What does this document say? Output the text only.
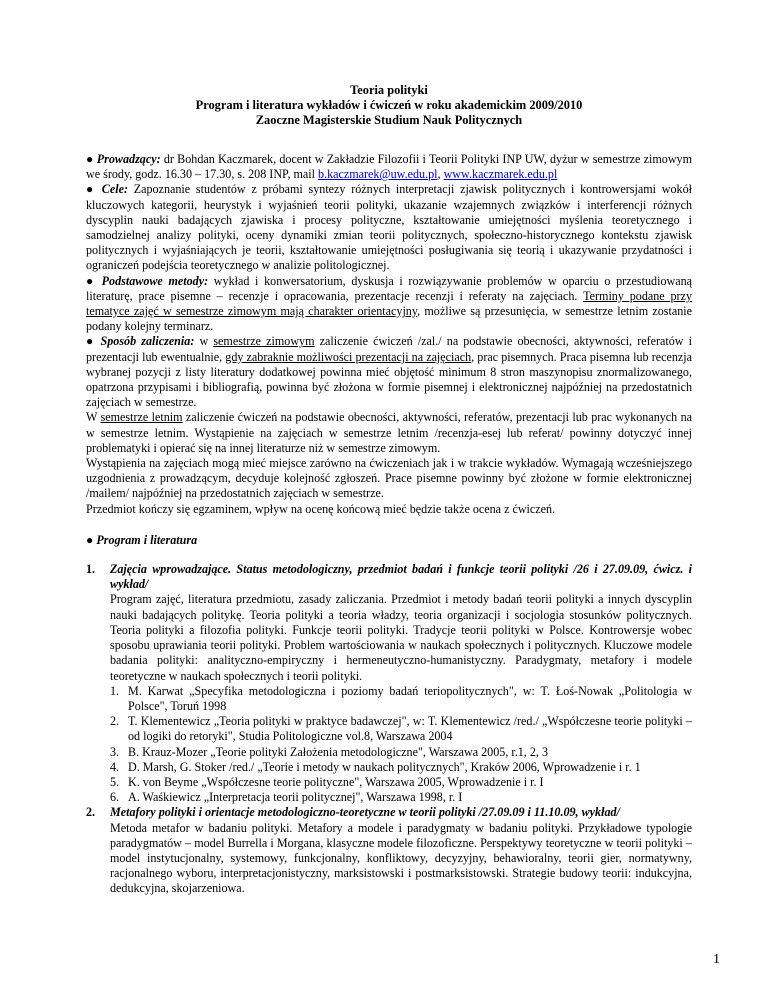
Teoria polityki
Program i literatura wykładów i ćwiczeń w roku akademickim 2009/2010
Zaoczne Magisterskie Studium Nauk Politycznych

● Prowadzący: dr Bohdan Kaczmarek, docent w Zakładzie Filozofii i Teorii Polityki INP UW, dyżur w semestrze zimowym we środy, godz. 16.30 – 17.30, s. 208 INP, mail b.kaczmarek@uw.edu.pl, www.kaczmarek.edu.pl

● Cele: Zapoznanie studentów z próbami syntezy różnych interpretacji zjawisk politycznych i kontrowersjami wokół kluczowych kategorii, heurystyk i wyjaśnień teorii polityki, ukazanie wzajemnych związków i interferencji różnych dyscyplin nauki badających zjawiska i procesy polityczne, kształtowanie umiejętności myślenia teoretycznego i samodzielnej analizy polityki, oceny dynamiki zmian teorii politycznych, społeczno-historycznego kontekstu zjawisk politycznych i wyjaśniających je teorii, kształtowanie umiejętności posługiwania się teorią i ukazywanie przydatności i ograniczeń podejścia teoretycznego w analizie politologicznej.

● Podstawowe metody: wykład i konwersatorium, dyskusja i rozwiązywanie problemów w oparciu o przestudiowaną literaturę, prace pisemne – recenzje i opracowania, prezentacje recenzji i referaty na zajęciach. Terminy podane przy tematyce zajęć w semestrze zimowym mają charakter orientacyjny, możliwe są przesunięcia, w semestrze letnim zostanie podany kolejny terminarz.

● Sposób zaliczenia: w semestrze zimowym zaliczenie ćwiczeń /zal./ na podstawie obecności, aktywności, referatów i prezentacji lub ewentualnie, gdy zabraknie możliwości prezentacji na zajęciach, prac pisemnych. Praca pisemna lub recenzja wybranej pozycji z listy literatury dodatkowej powinna mieć objętość minimum 8 stron maszynopisu znormalizowanego, opatrzona przypisami i bibliografią, powinna być złożona w formie pisemnej i elektronicznej najpóźniej na przedostatnich zajęciach w semestrze.

W semestrze letnim zaliczenie ćwiczeń na podstawie obecności, aktywności, referatów, prezentacji lub prac wykonanych na w semestrze letnim. Wystąpienie na zajęciach w semestrze letnim /recenzja-esej lub referat/ powinny dotyczyć innej problematyki i opierać się na innej literaturze niż w semestrze zimowym.

Wystąpienia na zajęciach mogą mieć miejsce zarówno na ćwiczeniach jak i w trakcie wykładów. Wymagają wcześniejszego uzgodnienia z prowadzącym, decyduje kolejność zgłoszeń. Prace pisemne powinny być złożone w formie elektronicznej /mailem/ najpóźniej na przedostatnich zajęciach w semestrze.

Przedmiot kończy się egzaminem, wpływ na ocenę końcową mieć będzie także ocena z ćwiczeń.

● Program i literatura
1. Zajęcia wprowadzające. Status metodologiczny, przedmiot badań i funkcje teorii polityki /26 i 27.09.09, ćwicz. i wykład/
Program zajęć, literatura przedmiotu, zasady zaliczania. Przedmiot i metody badań teorii polityki a innych dyscyplin nauki badających politykę. Teoria polityki a teoria władzy, teoria organizacji i socjologia stosunków politycznych. Teoria polityki a filozofia polityki. Funkcje teorii polityki. Tradycje teorii polityki w Polsce. Kontrowersje wobec sposobu uprawiania teorii polityki. Problem wartościowania w naukach społecznych i politycznych. Kluczowe modele badania polityki: analityczno-empiryczny i hermeneutyczno-humanistyczny. Paradygmaty, metafory i modele teoretyczne w naukach społecznych i teorii polityki.
1. M. Karwat „Specyfika metodologiczna i poziomy badań teriopolitycznych", w: T. Łoś-Nowak „Politologia w Polsce", Toruń 1998
2. T. Klementewicz „Teoria polityki w praktyce badawczej", w: T. Klementewicz /red./ „Współczesne teorie polityki – od logiki do retoryki", Studia Politologiczne vol.8, Warszawa 2004
3. B. Krauz-Mozer „Teorie polityki Założenia metodologiczne", Warszawa 2005, r.1, 2, 3
4. D. Marsh, G. Stoker /red./ „Teorie i metody w naukach politycznych", Kraków 2006, Wprowadzenie i r. 1
5. K. von Beyme „Współczesne teorie polityczne", Warszawa 2005, Wprowadzenie i r. I
6. A. Waśkiewicz „Interpretacja teorii politycznej", Warszawa 1998, r. I
2. Metafory polityki i orientacje metodologiczno-teoretyczne w teorii polityki /27.09.09 i 11.10.09, wykład/
Metoda metafor w badaniu polityki. Metafory a modele i paradygmaty w badaniu polityki. Przykładowe typologie paradygmatów – model Burrella i Morgana, klasyczne modele filozoficzne. Perspektywy teoretyczne w teorii polityki – model instytucjonalny, systemowy, funkcjonalny, konfliktowy, decyzyjny, behawioralny, teorii gier, normatywny, racjonalnego wyboru, interpretacjonistyczny, marksistowski i postmarksistowski. Strategie budowy teorii: indukcyjna, dedukcyjna, skojarzeniowa.
1
